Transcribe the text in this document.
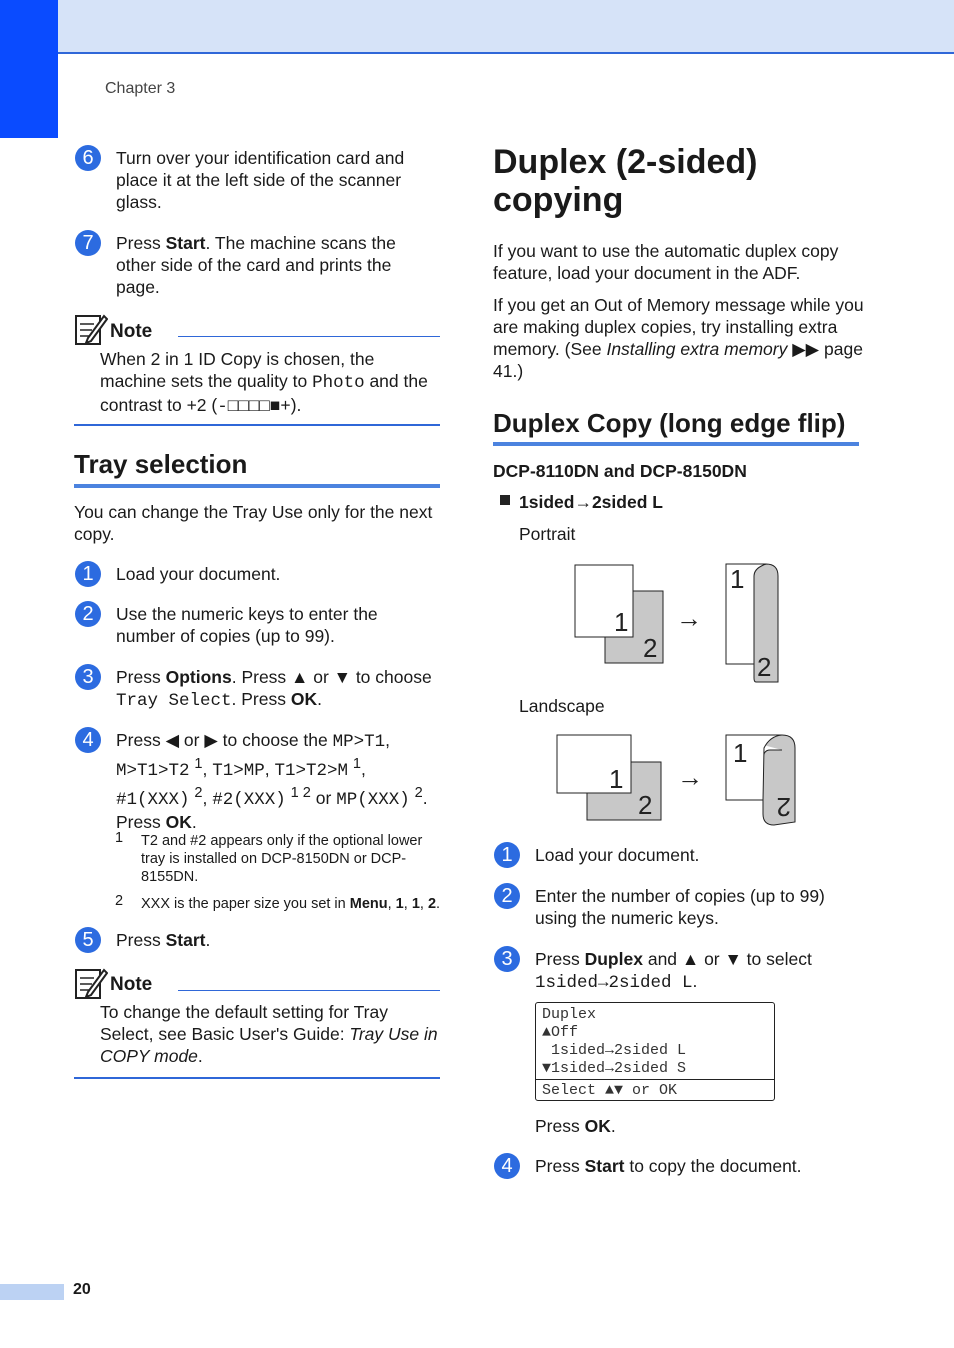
Chapter 3
6	Turn over your identification card and place it at the left side of the scanner glass.
7	Press Start. The machine scans the other side of the card and prints the page.
Note
When 2 in 1 ID Copy is chosen, the
machine sets the quality to Photo and the
contrast to +2 (-□□□□■+).
Tray selection
You can change the Tray Use only for the next copy.
1	Load your document.
2	Use the numeric keys to enter the number of copies (up to 99).
3	Press Options. Press ▲ or ▼ to choose
Tray Select. Press OK.
4	Press ◀ or ▶ to choose the MP>T1,
M>T1>T2 $^1$, T1>MP, T1>T2>M $^1$,
#1(XXX) $^2$, #2(XXX) $^{1 2}$ or MP(XXX) $^2$.
Press OK.
1 T2 and #2 appears only if the optional lower tray is installed on DCP-8150DN or DCP-8155DN.
2 XXX is the paper size you set in Menu, 1, 1, 2.
5	Press Start.
Note
To change the default setting for Tray Select, see Basic User's Guide: Tray Use in COPY mode.
Duplex (2-sided) copying
If you want to use the automatic duplex copy feature, load your document in the ADF.
If you get an Out of Memory message while you are making duplex copies, try installing extra memory. (See Installing extra memory ▶▶ page 41.)
Duplex Copy (long edge flip)
DCP-8110DN and DCP-8150DN
1sided→2sided L
Portrait
1
2
→
1
2
Landscape
1
2
→
1
2
1	Load your document.
2	Enter the number of copies (up to 99) using the numeric keys.
3	Press Duplex and ▲ or ▼ to select
1sided→2sided L.
Duplex
▲Off
1sided→2sided L
▼1sided→2sided S
Select ▲▼ or OK
Press OK.
4	Press Start to copy the document.
20
